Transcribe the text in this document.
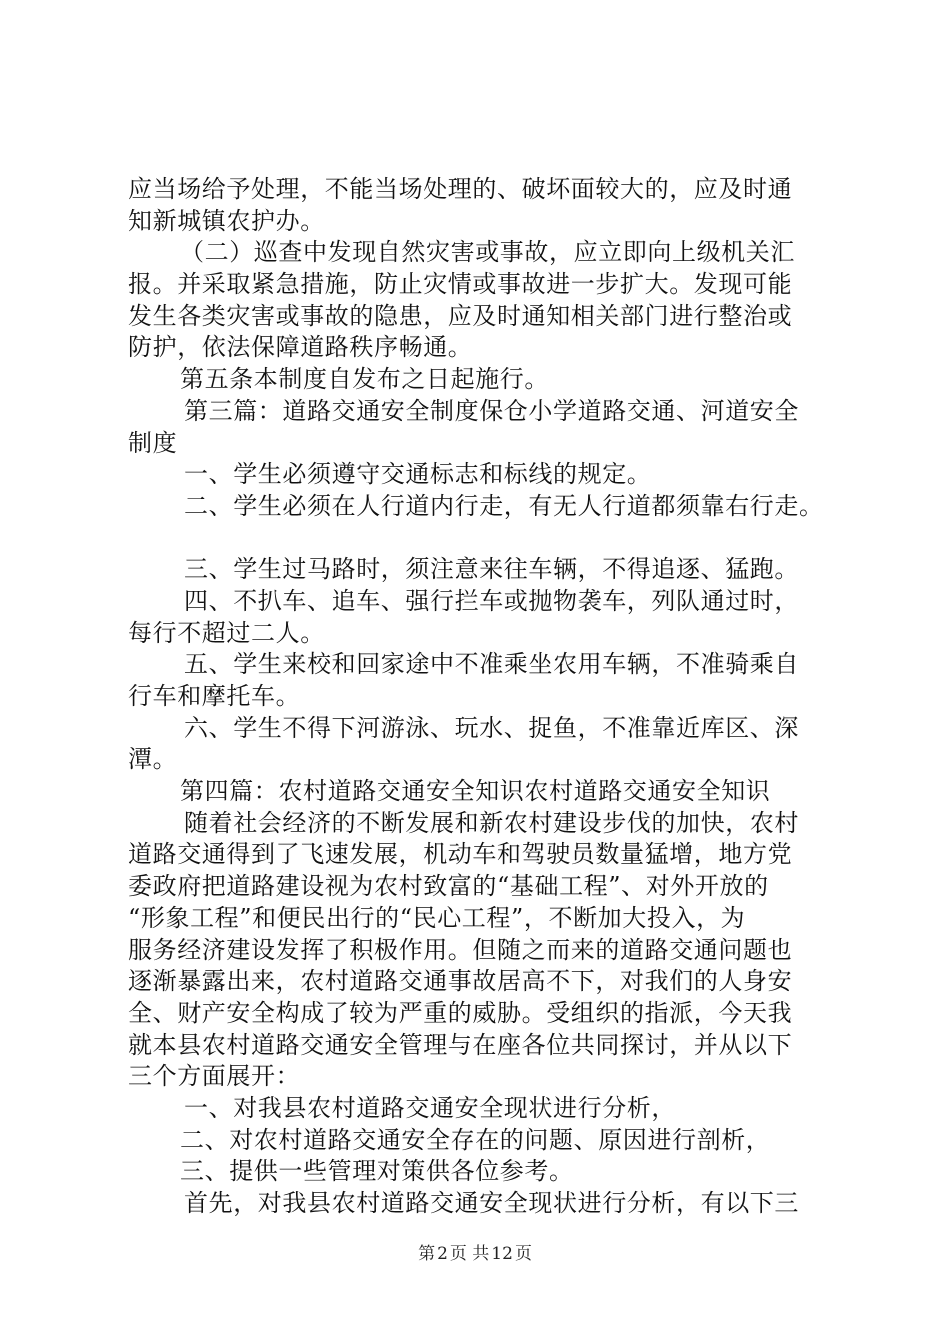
应当场给予处理，不能当场处理的、破坏面较大的，应及时通
知新城镇农护办。
（二）巡查中发现自然灾害或事故，应立即向上级机关汇
报。并采取紧急措施，防止灾情或事故进一步扩大。发现可能
发生各类灾害或事故的隐患，应及时通知相关部门进行整治或
防护，依法保障道路秩序畅通。
第五条本制度自发布之日起施行。
第三篇：道路交通安全制度保仓小学道路交通、河道安全
制度
一、学生必须遵守交通标志和标线的规定。
二、学生必须在人行道内行走，有无人行道都须靠右行走。
三、学生过马路时，须注意来往车辆，不得追逐、猛跑。
四、不扒车、追车、强行拦车或抛物袭车，列队通过时，
每行不超过二人。
五、学生来校和回家途中不准乘坐农用车辆，不准骑乘自
行车和摩托车。
六、学生不得下河游泳、玩水、捉鱼，不准靠近库区、深
潭。
第四篇：农村道路交通安全知识农村道路交通安全知识
随着社会经济的不断发展和新农村建设步伐的加快，农村
道路交通得到了飞速发展，机动车和驾驶员数量猛增，地方党
委政府把道路建设视为农村致富的“基础工程”、对外开放的
“形象工程”和便民出行的“民心工程”，不断加大投入，为
服务经济建设发挥了积极作用。但随之而来的道路交通问题也
逐渐暴露出来，农村道路交通事故居高不下，对我们的人身安
全、财产安全构成了较为严重的威胁。受组织的指派，今天我
就本县农村道路交通安全管理与在座各位共同探讨，并从以下
三个方面展开：
一、对我县农村道路交通安全现状进行分析，
二、对农村道路交通安全存在的问题、原因进行剖析，
三、提供一些管理对策供各位参考。
首先，对我县农村道路交通安全现状进行分析，有以下三
第 2 页 共 12 页
